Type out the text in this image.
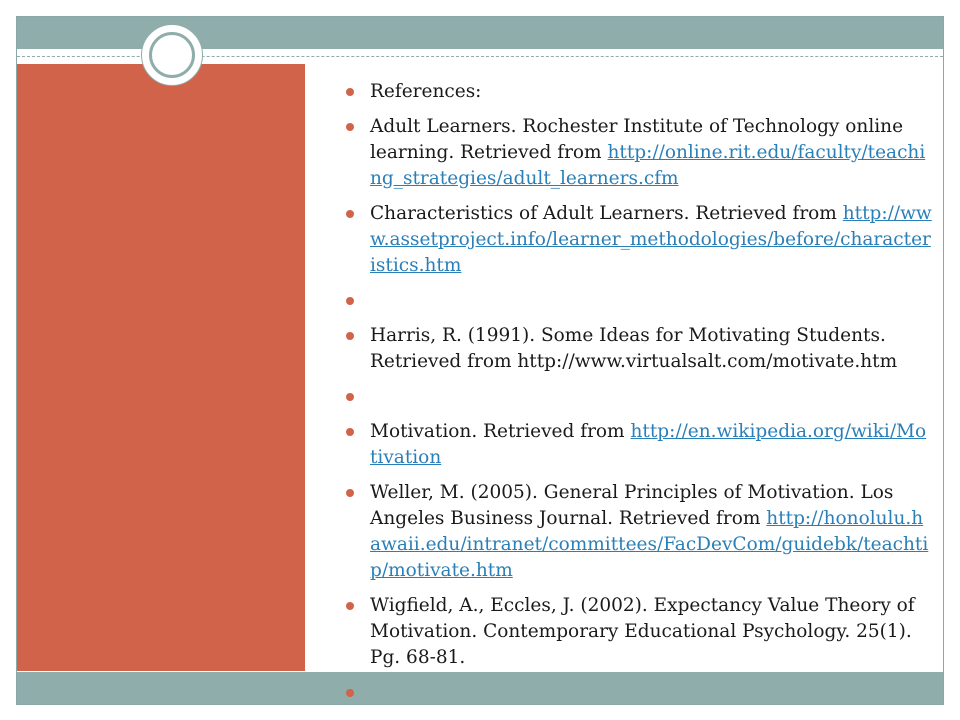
References:
Adult Learners. Rochester Institute of Technology online learning. Retrieved from http://online.rit.edu/faculty/teaching_strategies/adult_learners.cfm
Characteristics of Adult Learners. Retrieved from http://www.assetproject.info/learner_methodologies/before/characteristics.htm
Harris, R. (1991). Some Ideas for Motivating Students. Retrieved from http://www.virtualsalt.com/motivate.htm
Motivation. Retrieved from http://en.wikipedia.org/wiki/Motivation
Weller, M. (2005). General Principles of Motivation. Los Angeles Business Journal. Retrieved from http://honolulu.hawaii.edu/intranet/committees/FacDevCom/guidebk/teachtip/motivate.htm
Wigfield, A., Eccles, J. (2002). Expectancy Value Theory of Motivation. Contemporary Educational Psychology. 25(1). Pg. 68-81.
